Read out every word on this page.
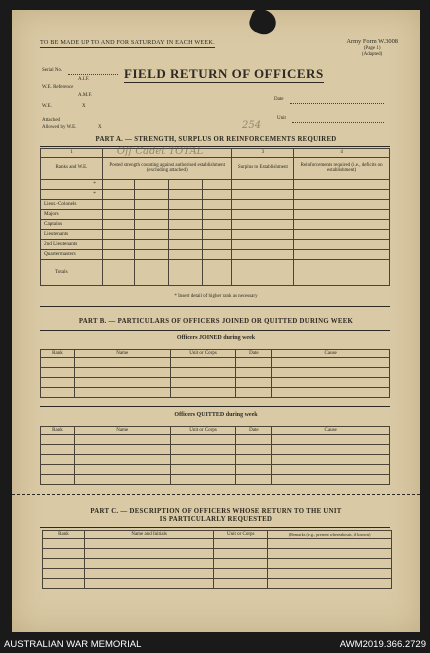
TO BE MADE UP TO AND FOR SATURDAY IN EACH WEEK.	Army Form W.3008
(Page 1)
(Adapted)
Serial No.
A.I.F.
W.E. Reference
A.M.F.
W.E.	X
Attached
Allowed by W.E.	X
FIELD RETURN OF OFFICERS
Date
Unit
254
PART A. — STRENGTH, SURPLUS OR REINFORCEMENTS REQUIRED
1	Off Cadet TOTAL				3	4
Ranks and W.E.	Posted strength counting against authorised establishment (excluding attached)				Surplus to Establishment	Reinforcements required (i.e., deficits on establishment)
*						
*						
Lieut.-Colonels						
Majors						
Captains						
Lieutenants						
2nd Lieutenants						
Quartermasters						
Totals						
* Insert detail of higher rank as necessary
PART B. — PARTICULARS OF OFFICERS JOINED OR QUITTED DURING WEEK
Officers JOINED during week
Rank	Name	Unit or Corps	Date	Cause

Officers QUITTED during week
Rank	Name	Unit or Corps	Date	Cause

PART C. — DESCRIPTION OF OFFICERS WHOSE RETURN TO THE UNIT
IS PARTICULARLY REQUESTED
Rank	Name and Initials	Unit or Corps	(Remarks (e.g., present whereabouts, if known)

AUSTRALIAN WAR MEMORIAL	AWM2019.366.2729
